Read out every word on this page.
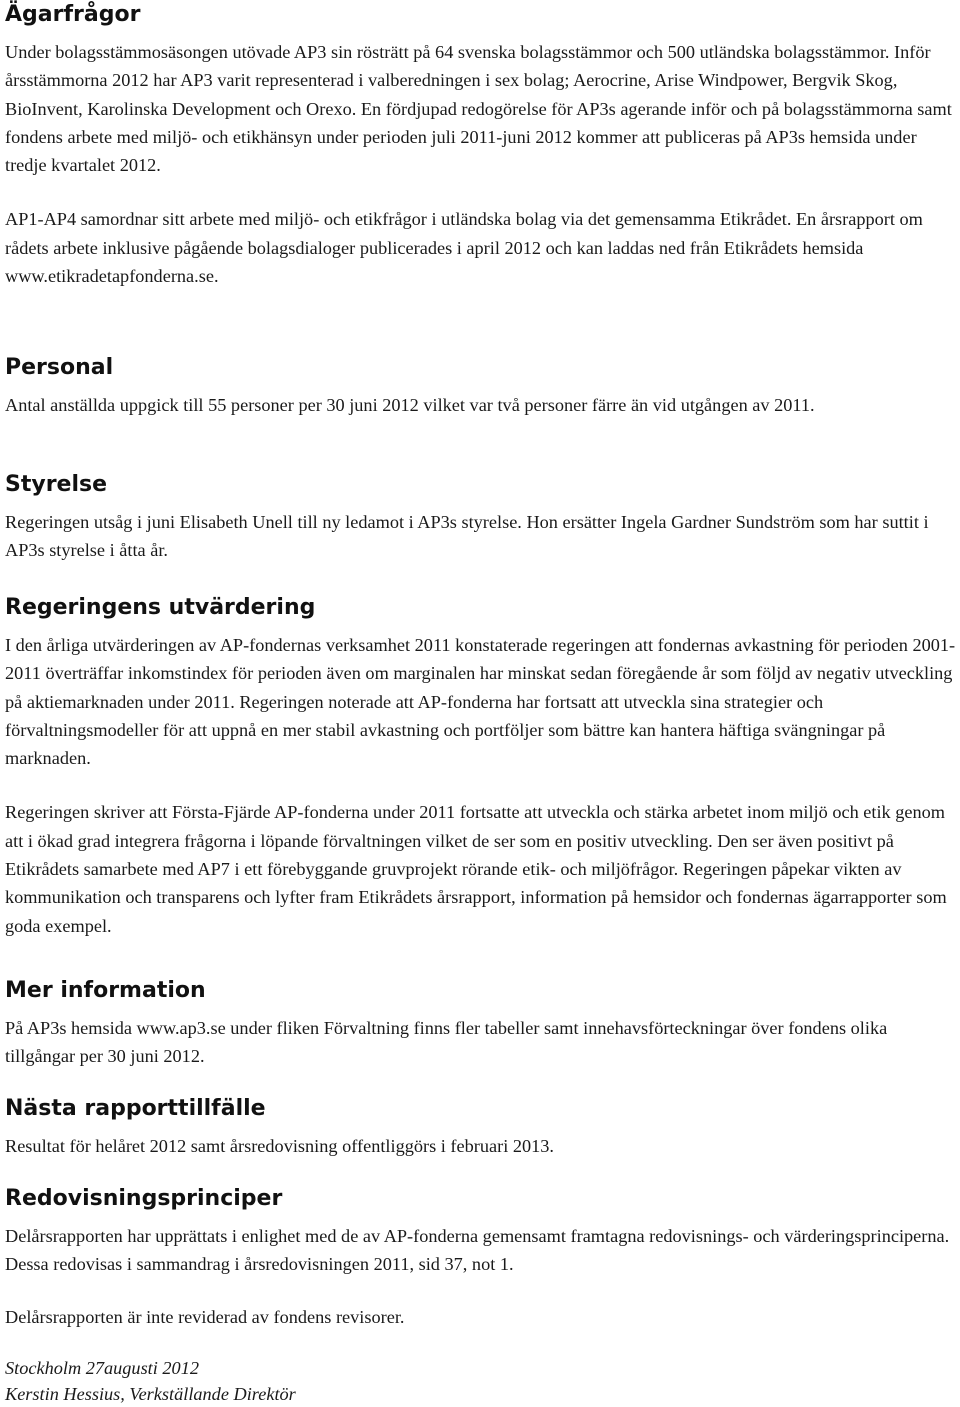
Ägarfrågor

Under bolagsstämmosäsongen utövade AP3 sin rösträtt på 64 svenska bolagsstämmor och 500 utländska bolagsstämmor. Inför årsstämmorna 2012 har AP3 varit representerad i valberedningen i sex bolag; Aerocrine, Arise Windpower, Bergvik Skog, BioInvent, Karolinska Development och Orexo. En fördjupad redogörelse för AP3s agerande inför och på bolagsstämmorna samt fondens arbete med miljö- och etikhänsyn under perioden juli 2011-juni 2012 kommer att publiceras på AP3s hemsida under tredje kvartalet 2012.

AP1-AP4 samordnar sitt arbete med miljö- och etikfrågor i utländska bolag via det gemensamma Etikrådet. En årsrapport om rådets arbete inklusive pågående bolagsdialoger publicerades i april 2012 och kan laddas ned från Etikrådets hemsida www.etikradetapfonderna.se.

Personal

Antal anställda uppgick till 55 personer per 30 juni 2012 vilket var två personer färre än vid utgången av 2011.

Styrelse

Regeringen utsåg i juni Elisabeth Unell till ny ledamot i AP3s styrelse. Hon ersätter Ingela Gardner Sundström som har suttit i AP3s styrelse i åtta år.

Regeringens utvärdering

I den årliga utvärderingen av AP-fondernas verksamhet 2011 konstaterade regeringen att fondernas avkastning för perioden 2001-2011 överträffar inkomstindex för perioden även om marginalen har minskat sedan föregående år som följd av negativ utveckling på aktiemarknaden under 2011. Regeringen noterade att AP-fonderna har fortsatt att utveckla sina strategier och förvaltningsmodeller för att uppnå en mer stabil avkastning och portföljer som bättre kan hantera häftiga svängningar på marknaden.

Regeringen skriver att Första-Fjärde AP-fonderna under 2011 fortsatte att utveckla och stärka arbetet inom miljö och etik genom att i ökad grad integrera frågorna i löpande förvaltningen vilket de ser som en positiv utveckling. Den ser även positivt på Etikrådets samarbete med AP7 i ett förebyggande gruvprojekt rörande etik- och miljöfrågor. Regeringen påpekar vikten av kommunikation och transparens och lyfter fram Etikrådets årsrapport, information på hemsidor och fondernas ägarrapporter som goda exempel.

Mer information

På AP3s hemsida www.ap3.se under fliken Förvaltning finns fler tabeller samt innehavsförteckningar över fondens olika tillgångar per 30 juni 2012.

Nästa rapporttillfälle

Resultat för helåret 2012 samt årsredovisning offentliggörs i februari 2013.

Redovisningsprinciper

Delårsrapporten har upprättats i enlighet med de av AP-fonderna gemensamt framtagna redovisnings- och värderingsprinciperna. Dessa redovisas i sammandrag i årsredovisningen 2011, sid 37, not 1.

Delårsrapporten är inte reviderad av fondens revisorer.

Stockholm 27augusti 2012

Kerstin Hessius, Verkställande Direktör
